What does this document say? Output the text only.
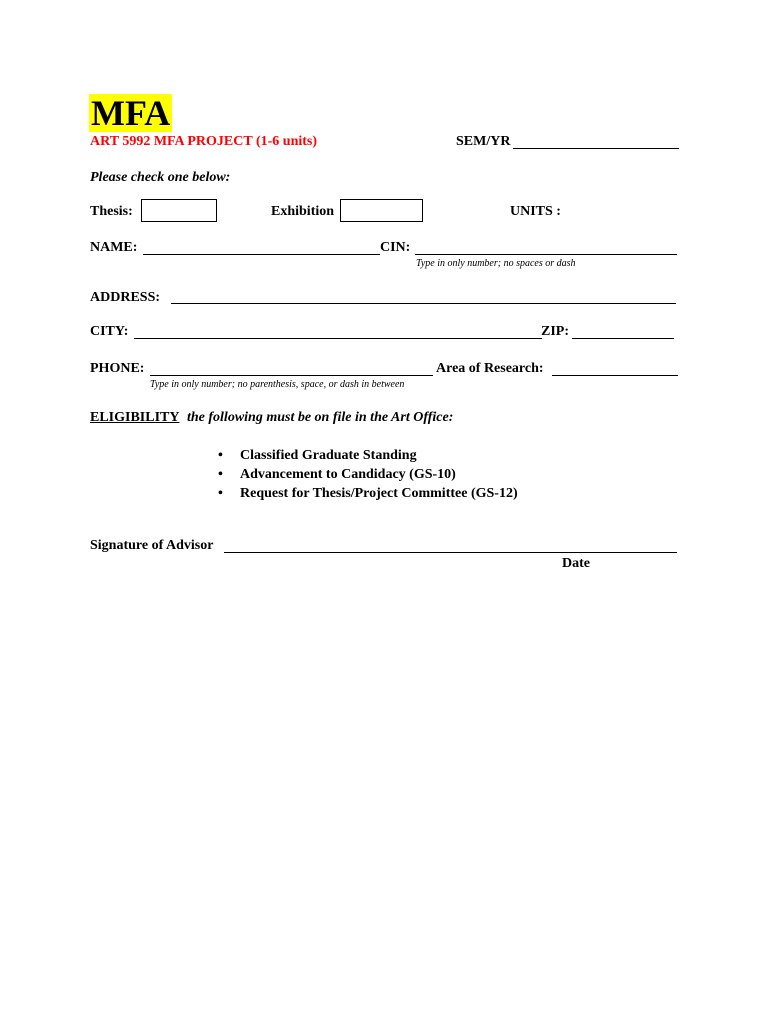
MFA
ART 5992 MFA PROJECT (1-6 units)	SEM/YR
Please check one below:
Thesis:	Exhibition	UNITS :
NAME:	CIN:
Type in only number; no spaces or dash
ADDRESS:
CITY:	ZIP:
PHONE:	Area of Research:
Type in only number; no parenthesis, space, or dash in between
ELIGIBILITY the following must be on file in the Art Office:
• Classified Graduate Standing
• Advancement to Candidacy (GS-10)
• Request for Thesis/Project Committee (GS-12)
Signature of Advisor
Date
